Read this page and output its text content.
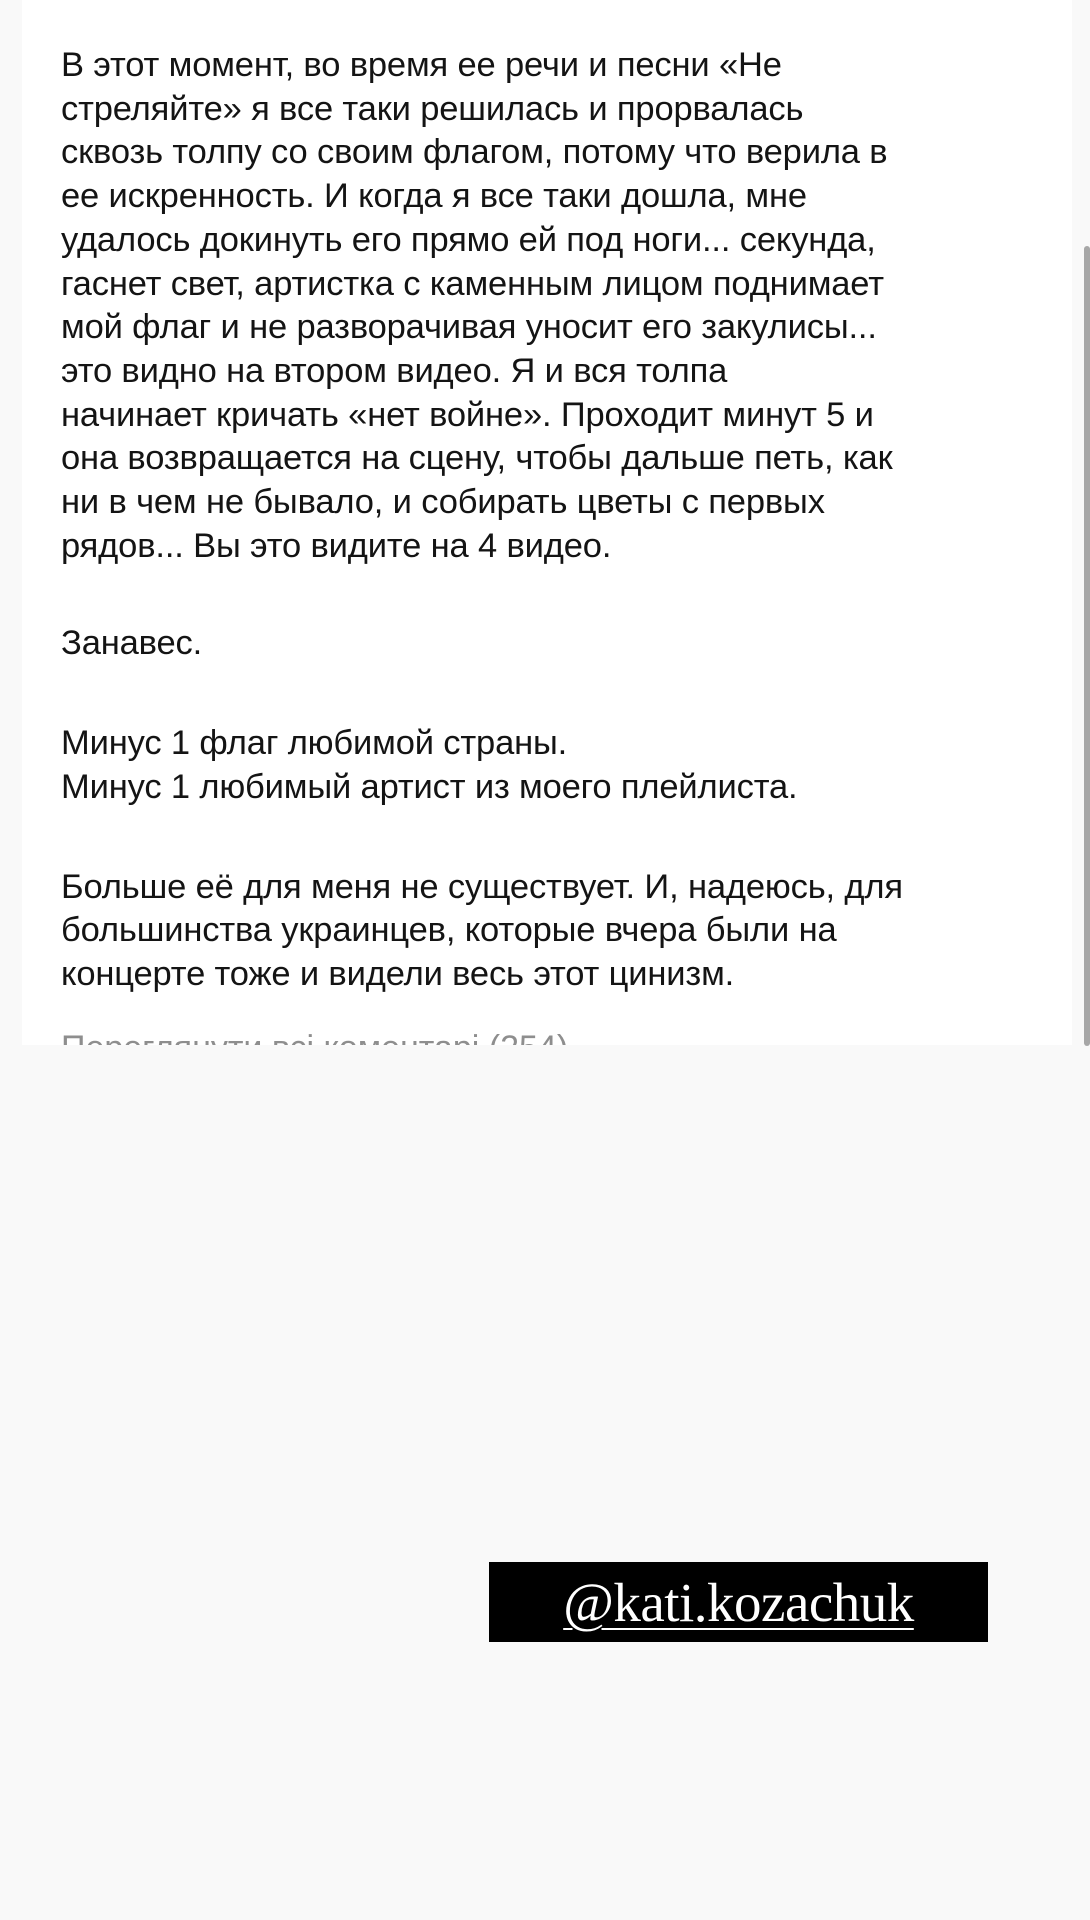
В этот момент, во время ее речи и песни «Не
стреляйте» я все таки решилась и прорвалась
сквозь толпу со своим флагом, потому что верила в
ее искренность. И когда я все таки дошла, мне
удалось докинуть его прямо ей под ноги... секунда,
гаснет свет, артистка с каменным лицом поднимает
мой флаг и не разворачивая уносит его закулисы...
это видно на втором видео. Я и вся толпа
начинает кричать «нет войне». Проходит минут 5 и
она возвращается на сцену, чтобы дальше петь, как
ни в чем не бывало, и собирать цветы с первых
рядов... Вы это видите на 4 видео.

Занавес.

Минус 1 флаг любимой страны.
Минус 1 любимый артист из моего плейлиста.

Больше её для меня не существует. И, надеюсь, для
большинства украинцев, которые вчера были на
концерте тоже и видели весь этот цинизм.

@kati.kozachuk
